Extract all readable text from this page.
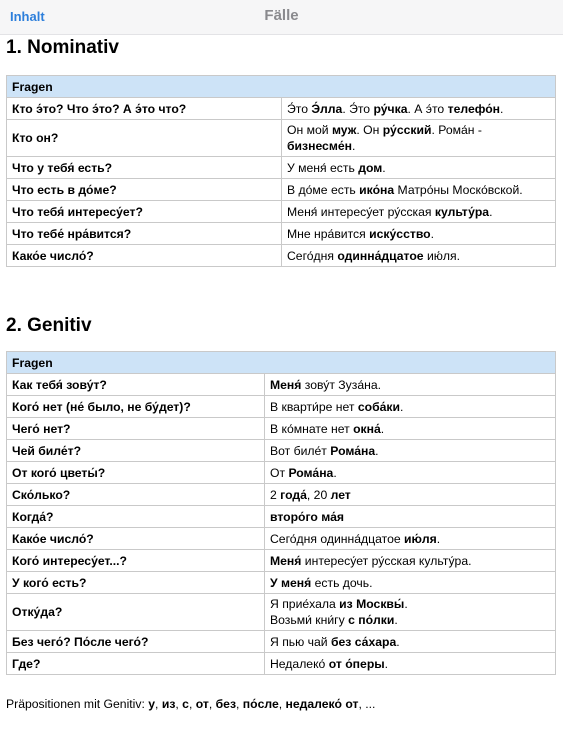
Inhalt	Fälle
1. Nominativ
Fragen	
Кто э́то? Что э́то? А э́то что?	Э́то Э́лла. Э́то ру́чка. А э́то телефо́н.
Кто он?	Он мой муж. Он ру́сский. Рома́н - бизнесме́н.
Что у тебя́ есть?	У меня́ есть дом.
Что есть в до́ме?	В до́ме есть ико́на Матро́ны Моско́вской.
Что тебя́ интересу́ет?	Меня́ интересу́ет ру́сская культу́ра.
Что тебе́ нра́вится?	Мне нра́вится иску́сство.
Како́е число́?	Сего́дня одинна́дцатое ию́ля.
2. Genitiv
Fragen	
Как тебя́ зову́т?	Меня́ зову́т Зуза́на.
Кого́ нет (не́ было, не бу́дет)?	В кварти́ре нет соба́ки.
Чего́ нет?	В ко́мнате нет окна́.
Чей биле́т?	Вот биле́т Рома́на.
От кого́ цветы́?	От Рома́на.
Ско́лько?	2 года́, 20 лет
Когда́?	второ́го ма́я
Како́е число́?	Сего́дня одинна́дцатое ию́ля.
Кого́ интересу́ет...?	Меня́ интересу́ет ру́сская культу́ра.
У кого́ есть?	У меня́ есть дочь.
Отку́да?	Я прие́хала из Москвы́.
Возьми́ кни́гу с по́лки.
Без чего́? По́сле чего́?	Я пью чай без са́хара.
Где?	Недалеко́ от о́перы.
Präpositionen mit Genitiv: у, из, с, от, без, по́сле, недалеко́ от, ...
